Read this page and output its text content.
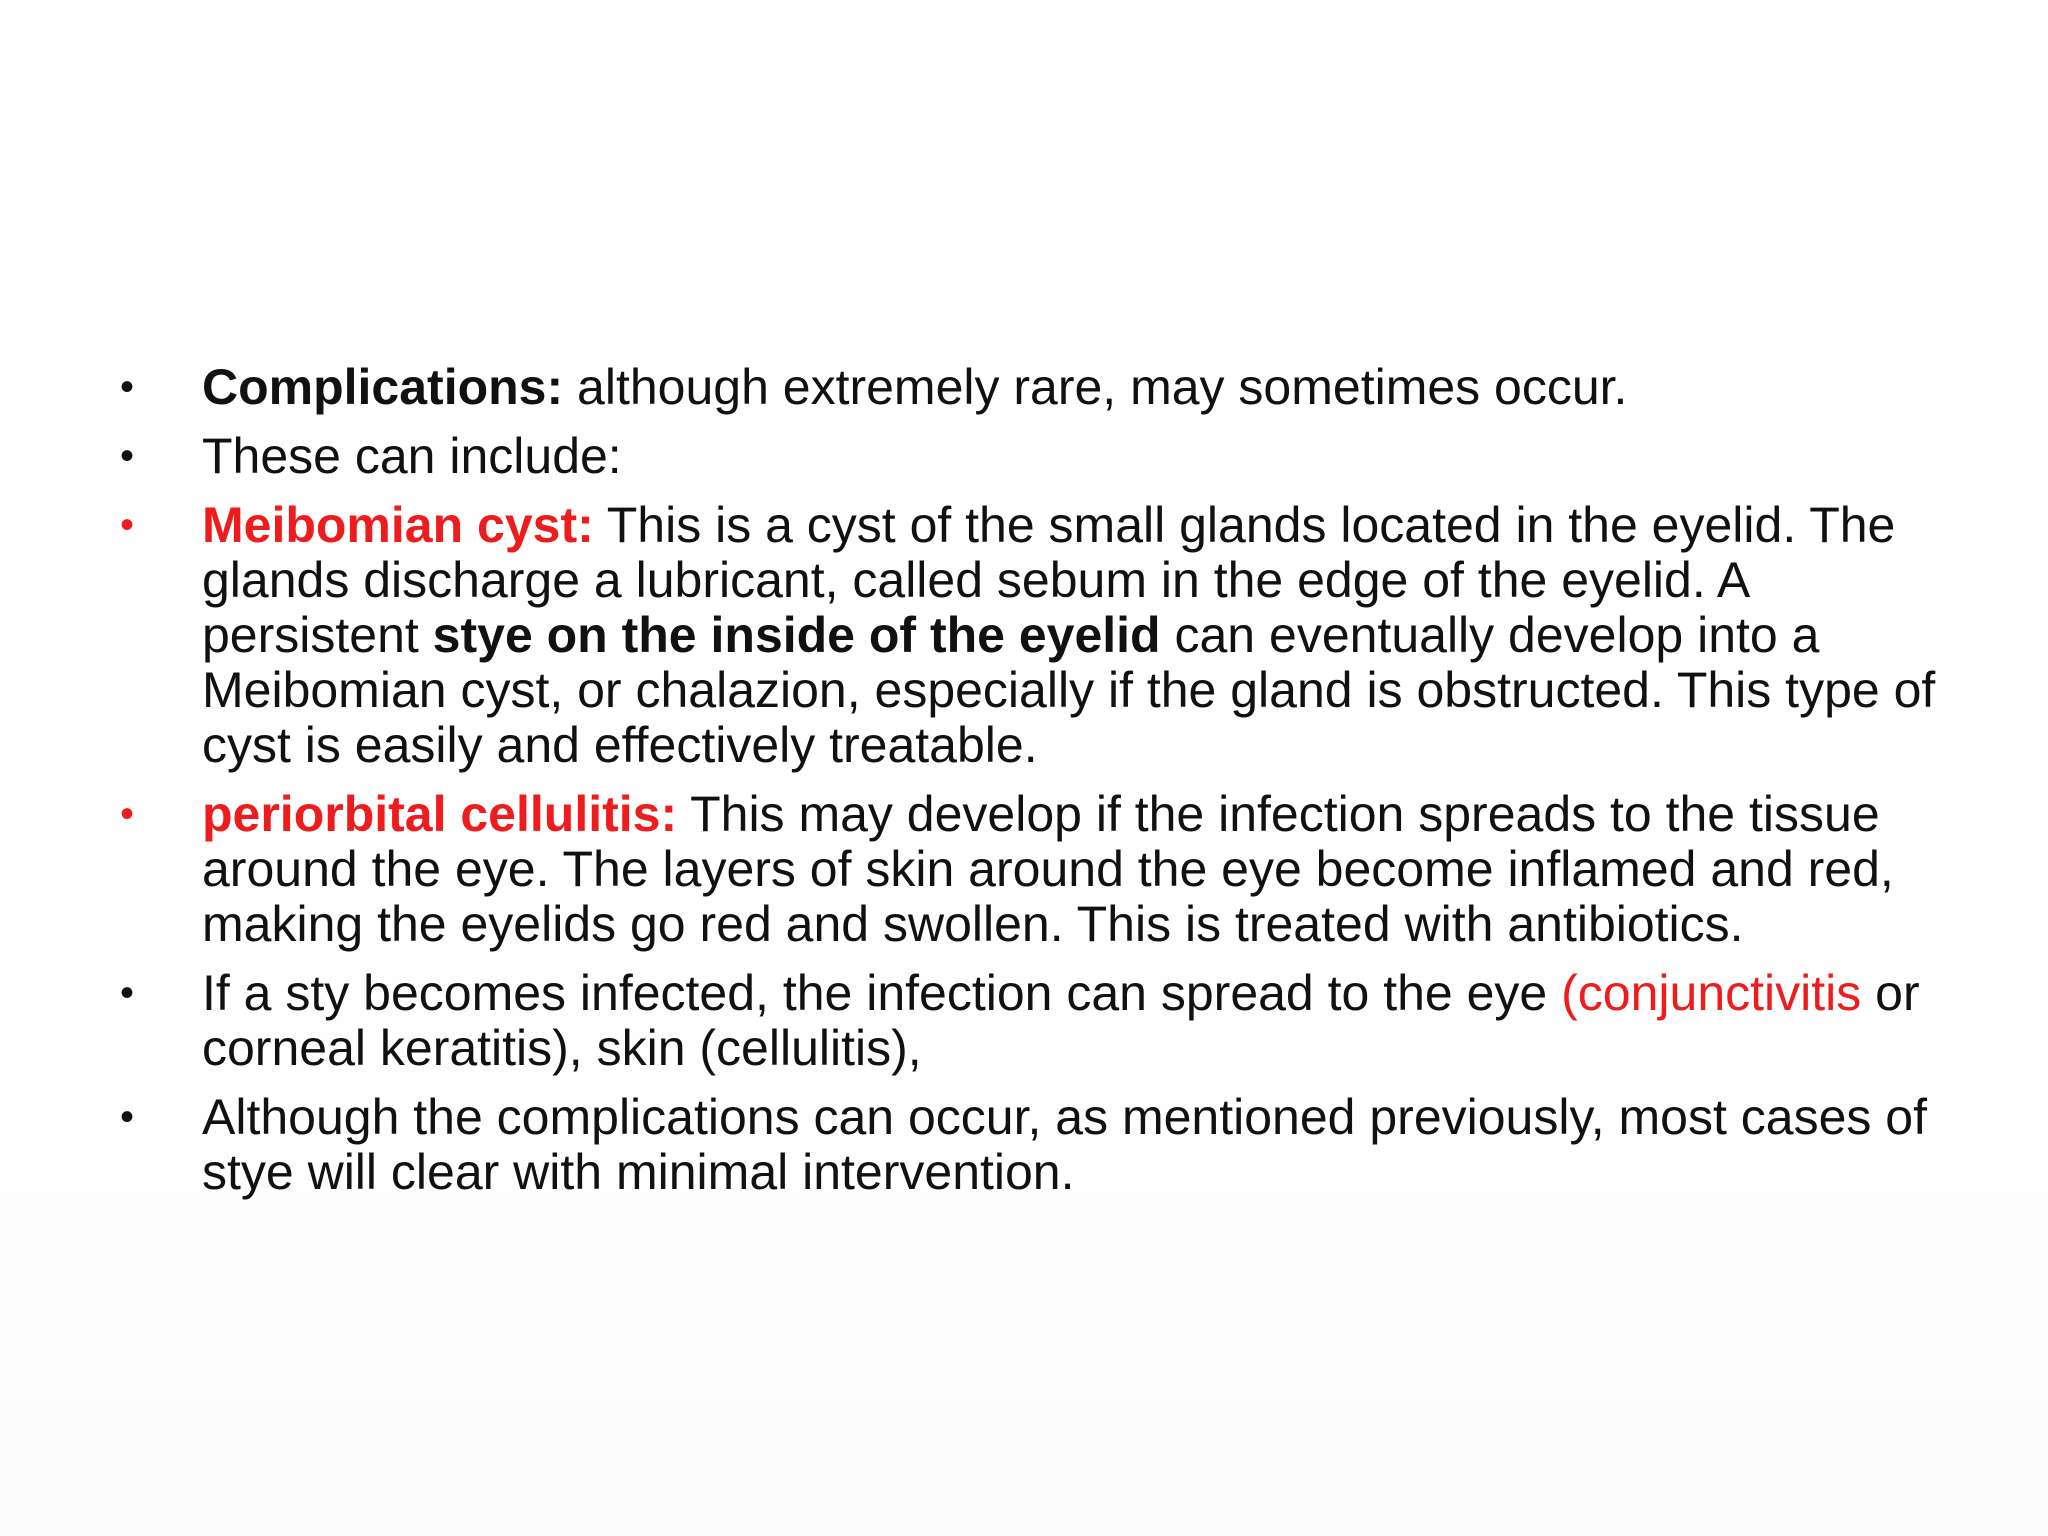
•	Complications: although extremely rare, may sometimes occur.
•	These can include:
•	Meibomian cyst: This is a cyst of the small glands located in the eyelid. The glands discharge a lubricant, called sebum in the edge of the eyelid. A persistent stye on the inside of the eyelid can eventually develop into a Meibomian cyst, or chalazion, especially if the gland is obstructed. This type of cyst is easily and effectively treatable.
•	periorbital cellulitis: This may develop if the infection spreads to the tissue around the eye. The layers of skin around the eye become inflamed and red, making the eyelids go red and swollen. This is treated with antibiotics.
•	If a sty becomes infected, the infection can spread to the eye (conjunctivitis or corneal keratitis), skin (cellulitis),
•	Although the complications can occur, as mentioned previously, most cases of stye will clear with minimal intervention.
